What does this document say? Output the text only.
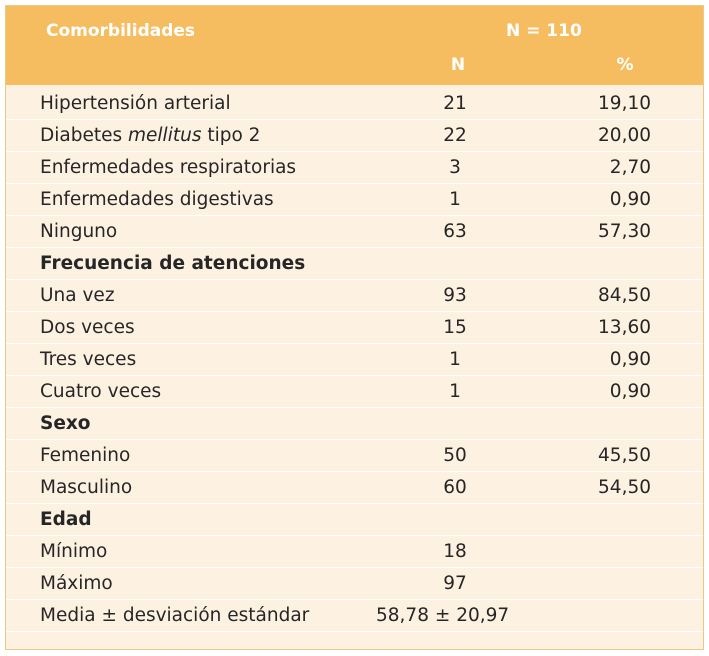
Comorbilidades	N = 110
N	%
Hipertensión arterial	21	19,10
Diabetes mellitus tipo 2	22	20,00
Enfermedades respiratorias	3	2,70
Enfermedades digestivas	1	0,90
Ninguno	63	57,30
Frecuencia de atenciones
Una vez	93	84,50
Dos veces	15	13,60
Tres veces	1	0,90
Cuatro veces	1	0,90
Sexo
Femenino	50	45,50
Masculino	60	54,50
Edad
Mínimo	18
Máximo	97
Media ± desviación estándar	58,78 ± 20,97
